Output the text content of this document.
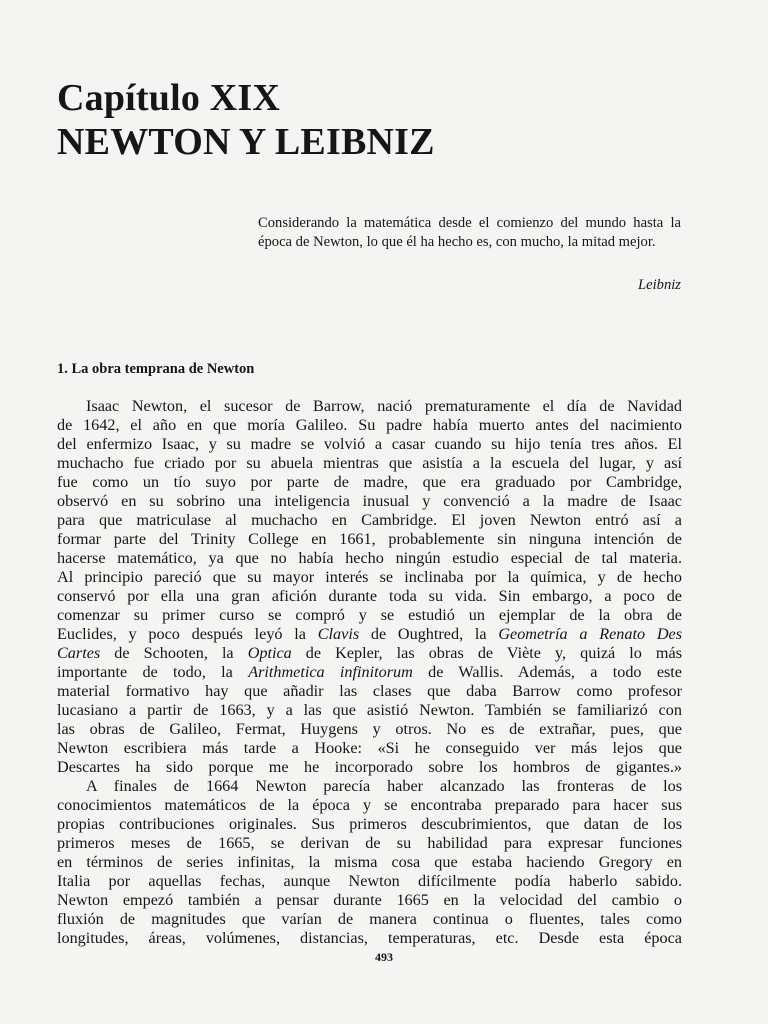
Capítulo XIX
NEWTON Y LEIBNIZ
Considerando la matemática desde el comienzo del mundo hasta la época de Newton, lo que él ha hecho es, con mucho, la mitad mejor.
Leibniz
1. La obra temprana de Newton
Isaac Newton, el sucesor de Barrow, nació prematuramente el día de Navidad
de 1642, el año en que moría Galileo. Su padre había muerto antes del nacimiento
del enfermizo Isaac, y su madre se volvió a casar cuando su hijo tenía tres años. El
muchacho fue criado por su abuela mientras que asistía a la escuela del lugar, y así
fue como un tío suyo por parte de madre, que era graduado por Cambridge,
observó en su sobrino una inteligencia inusual y convenció a la madre de Isaac
para que matriculase al muchacho en Cambridge. El joven Newton entró así a
formar parte del Trinity College en 1661, probablemente sin ninguna intención de
hacerse matemático, ya que no había hecho ningún estudio especial de tal materia.
Al principio pareció que su mayor interés se inclinaba por la química, y de hecho
conservó por ella una gran afición durante toda su vida. Sin embargo, a poco de
comenzar su primer curso se compró y se estudió un ejemplar de la obra de
Euclides, y poco después leyó la Clavis de Oughtred, la Geometría a Renato Des
Cartes de Schooten, la Optica de Kepler, las obras de Viète y, quizá lo más
importante de todo, la Arithmetica infinitorum de Wallis. Además, a todo este
material formativo hay que añadir las clases que daba Barrow como profesor
lucasiano a partir de 1663, y a las que asistió Newton. También se familiarizó con
las obras de Galileo, Fermat, Huygens y otros. No es de extrañar, pues, que
Newton escribiera más tarde a Hooke: «Si he conseguido ver más lejos que
Descartes ha sido porque me he incorporado sobre los hombros de gigantes.»
A finales de 1664 Newton parecía haber alcanzado las fronteras de los
conocimientos matemáticos de la época y se encontraba preparado para hacer sus
propias contribuciones originales. Sus primeros descubrimientos, que datan de los
primeros meses de 1665, se derivan de su habilidad para expresar funciones
en términos de series infinitas, la misma cosa que estaba haciendo Gregory en
Italia por aquellas fechas, aunque Newton difícilmente podía haberlo sabido.
Newton empezó también a pensar durante 1665 en la velocidad del cambio o
fluxión de magnitudes que varían de manera continua o fluentes, tales como
longitudes, áreas, volúmenes, distancias, temperaturas, etc. Desde esta época
493
